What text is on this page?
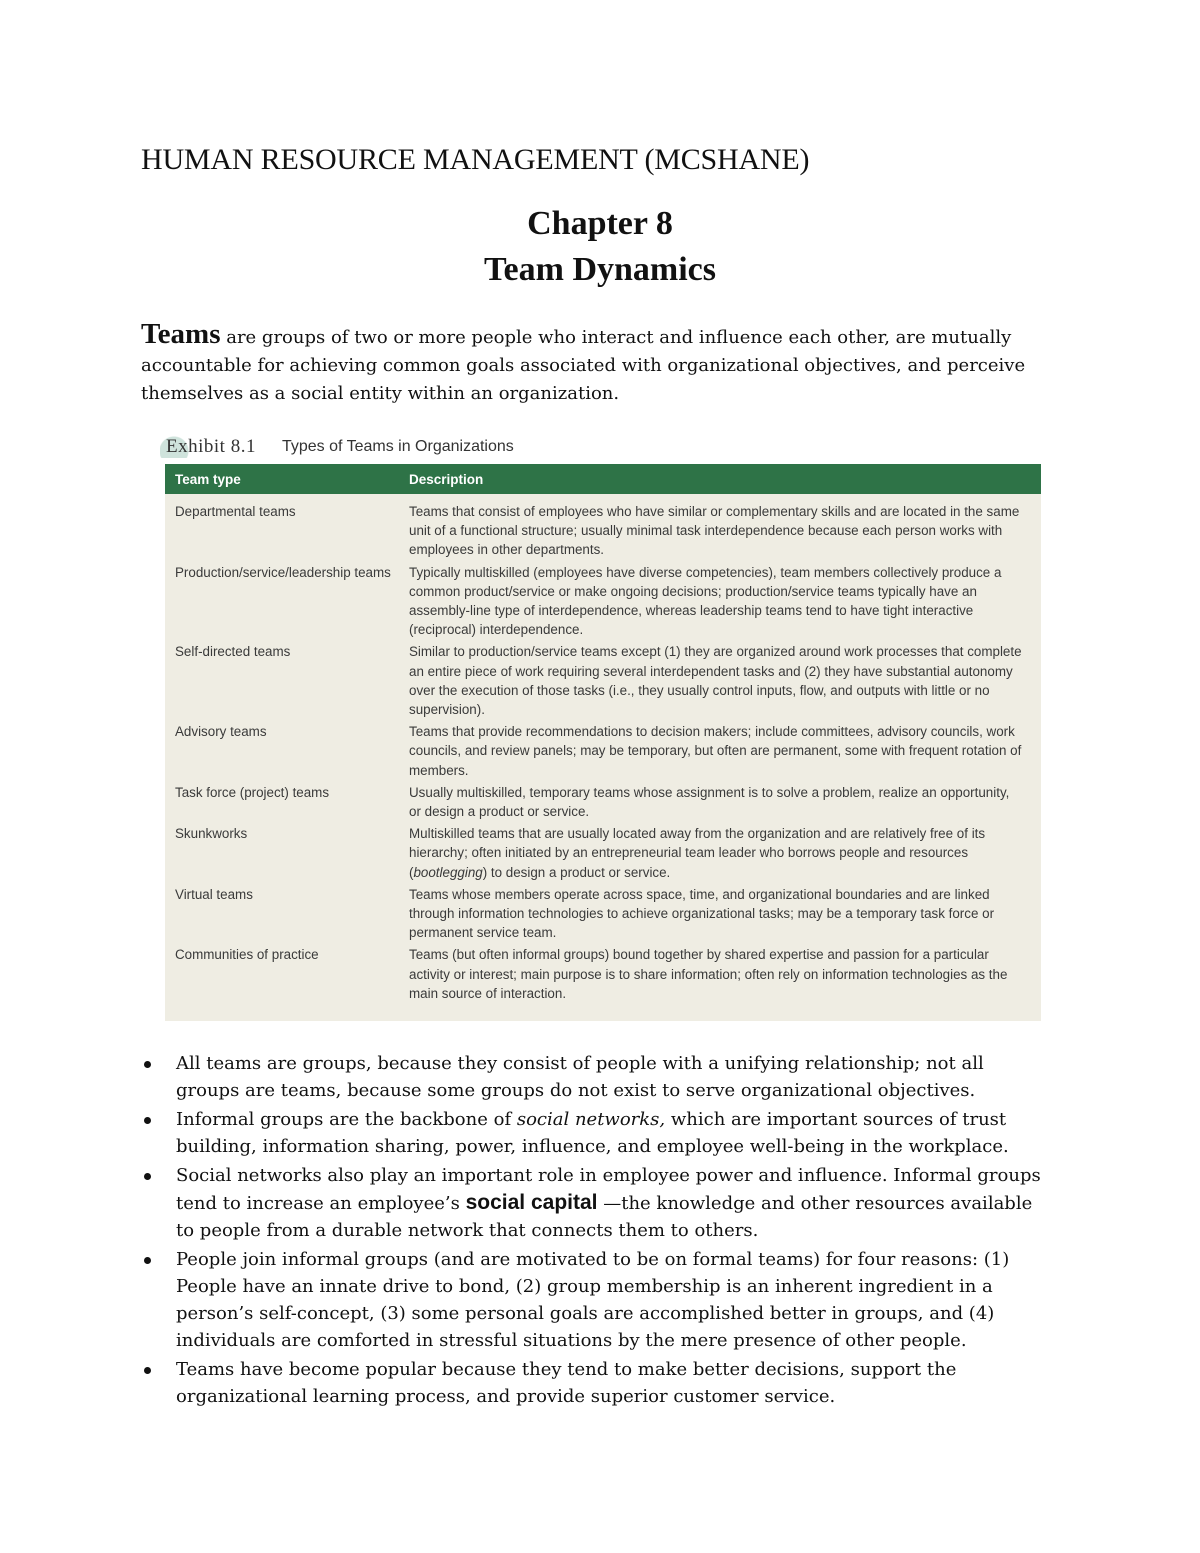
HUMAN RESOURCE MANAGEMENT (MCSHANE)
Chapter 8
Team Dynamics

Teams are groups of two or more people who interact and influence each other, are mutually accountable for achieving common goals associated with organizational objectives, and perceive themselves as a social entity within an organization.

Exhibit 8.1 Types of Teams in Organizations
Team type	Description
Departmental teams	Teams that consist of employees who have similar or complementary skills and are located in the same unit of a functional structure; usually minimal task interdependence because each person works with employees in other departments.
Production/service/leadership teams	Typically multiskilled (employees have diverse competencies), team members collectively produce a common product/service or make ongoing decisions; production/service teams typically have an assembly-line type of interdependence, whereas leadership teams tend to have tight interactive (reciprocal) interdependence.
Self-directed teams	Similar to production/service teams except (1) they are organized around work processes that complete an entire piece of work requiring several interdependent tasks and (2) they have substantial autonomy over the execution of those tasks (i.e., they usually control inputs, flow, and outputs with little or no supervision).
Advisory teams	Teams that provide recommendations to decision makers; include committees, advisory councils, work councils, and review panels; may be temporary, but often are permanent, some with frequent rotation of members.
Task force (project) teams	Usually multiskilled, temporary teams whose assignment is to solve a problem, realize an opportunity, or design a product or service.
Skunkworks	Multiskilled teams that are usually located away from the organization and are relatively free of its hierarchy; often initiated by an entrepreneurial team leader who borrows people and resources (bootlegging) to design a product or service.
Virtual teams	Teams whose members operate across space, time, and organizational boundaries and are linked through information technologies to achieve organizational tasks; may be a temporary task force or permanent service team.
Communities of practice	Teams (but often informal groups) bound together by shared expertise and passion for a particular activity or interest; main purpose is to share information; often rely on information technologies as the main source of interaction.
All teams are groups, because they consist of people with a unifying relationship; not all groups are teams, because some groups do not exist to serve organizational objectives.
Informal groups are the backbone of social networks, which are important sources of trust building, information sharing, power, influence, and employee well-being in the workplace.
Social networks also play an important role in employee power and influence. Informal groups tend to increase an employee’s social capital —the knowledge and other resources available to people from a durable network that connects them to others.
People join informal groups (and are motivated to be on formal teams) for four reasons: (1) People have an innate drive to bond, (2) group membership is an inherent ingredient in a person’s self-concept, (3) some personal goals are accomplished better in groups, and (4) individuals are comforted in stressful situations by the mere presence of other people.
Teams have become popular because they tend to make better decisions, support the organizational learning process, and provide superior customer service.
